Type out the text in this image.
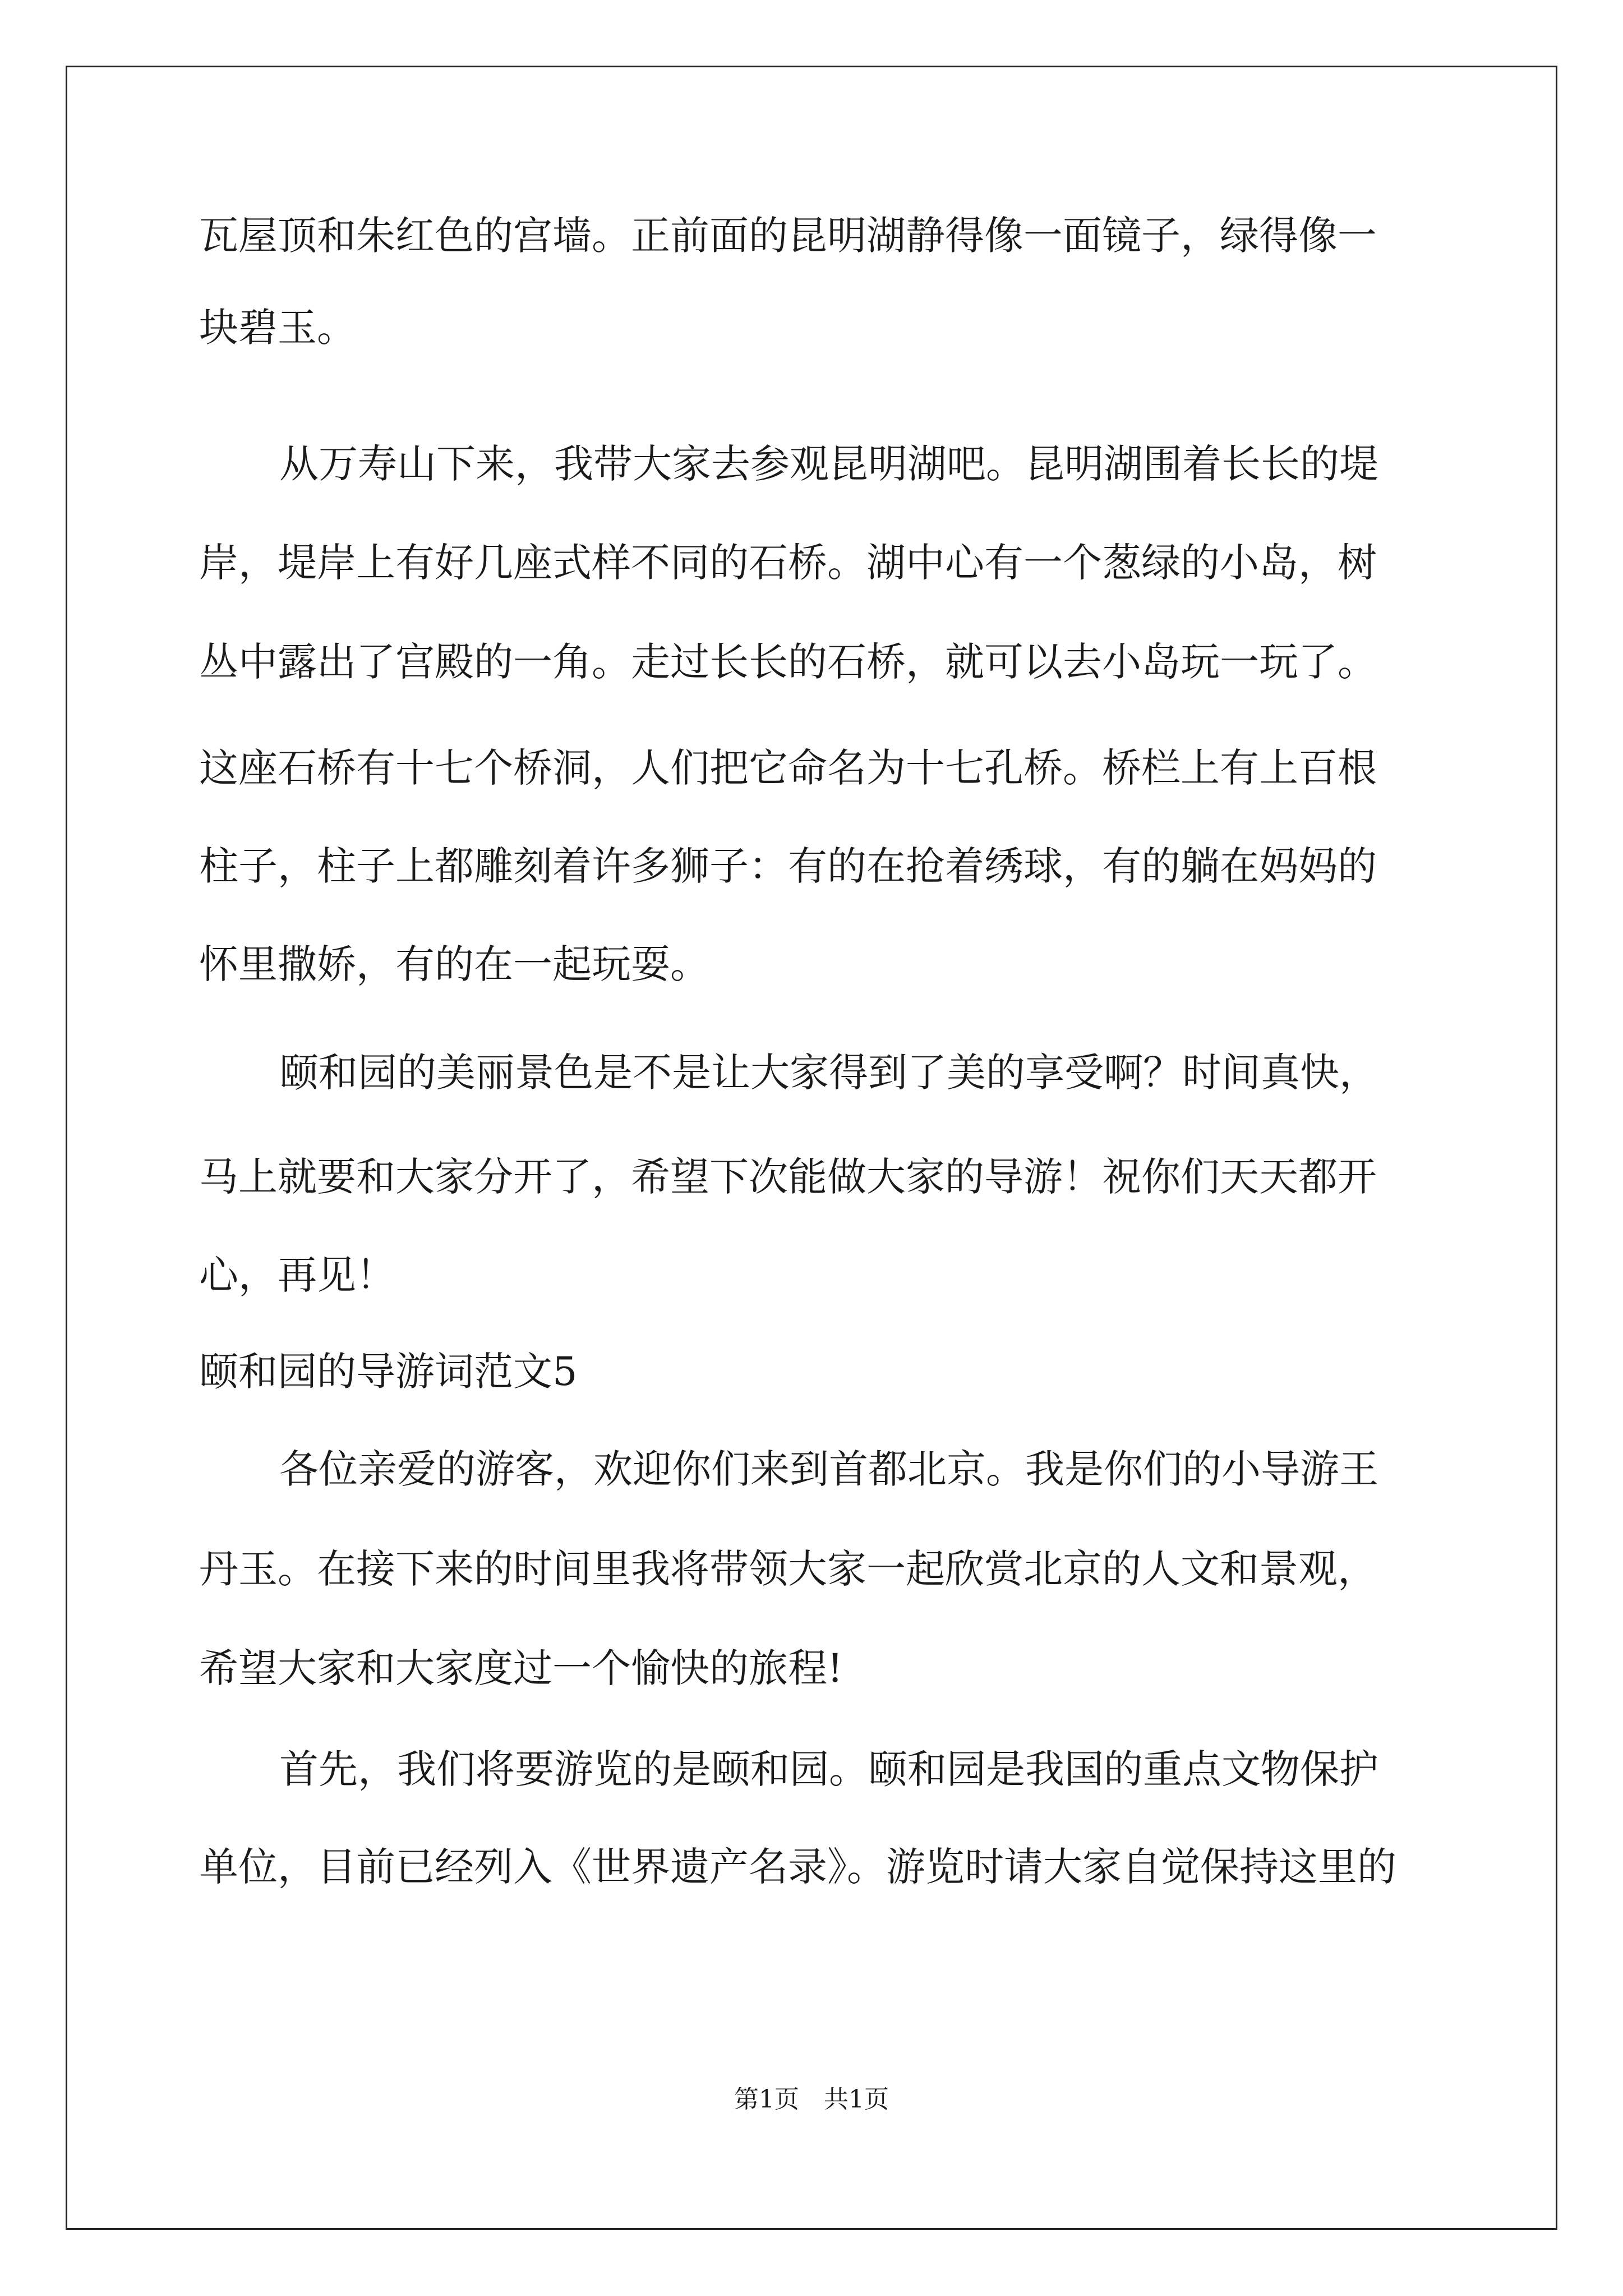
瓦屋顶和朱红色的宫墙。正前面的昆明湖静得像一面镜子，绿得像一
块碧玉。
从万寿山下来，我带大家去参观昆明湖吧。昆明湖围着长长的堤
岸，堤岸上有好几座式样不同的石桥。湖中心有一个葱绿的小岛，树
丛中露出了宫殿的一角。走过长长的石桥，就可以去小岛玩一玩了。
这座石桥有十七个桥洞，人们把它命名为十七孔桥。桥栏上有上百根
柱子，柱子上都雕刻着许多狮子：有的在抢着绣球，有的躺在妈妈的
怀里撒娇，有的在一起玩耍。
颐和园的美丽景色是不是让大家得到了美的享受啊？时间真快，
马上就要和大家分开了，希望下次能做大家的导游！祝你们天天都开
心，再见！
颐和园的导游词范文5
各位亲爱的游客，欢迎你们来到首都北京。我是你们的小导游王
丹玉。在接下来的时间里我将带领大家一起欣赏北京的人文和景观，
希望大家和大家度过一个愉快的旅程!
首先，我们将要游览的是颐和园。颐和园是我国的重点文物保护
单位，目前已经列入《世界遗产名录》。游览时请大家自觉保持这里的
第1页　共1页
